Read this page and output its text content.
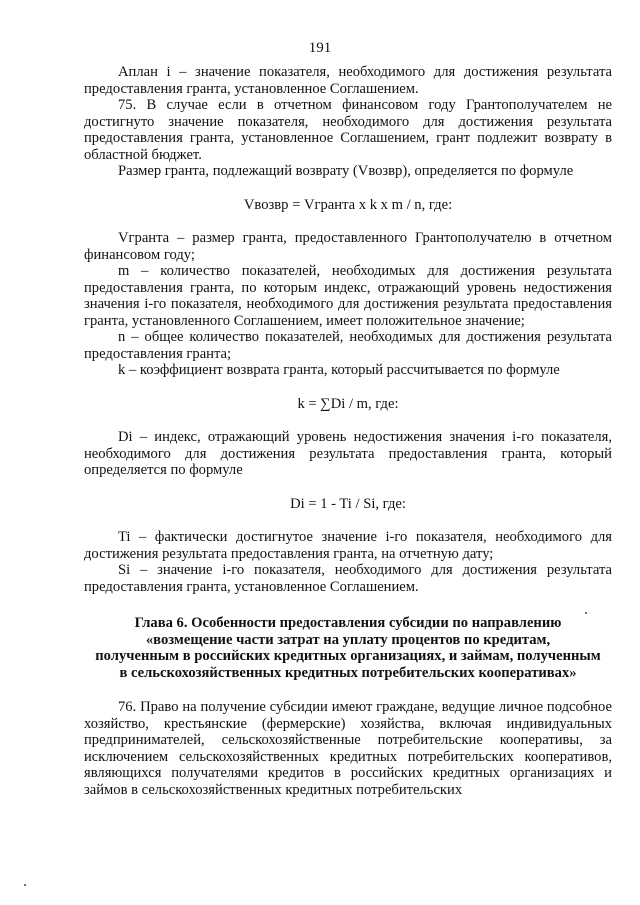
191

Аплан i – значение показателя, необходимого для достижения результата предоставления гранта, установленное Соглашением.

75. В случае если в отчетном финансовом году Грантополучателем не достигнуто значение показателя, необходимого для достижения результата предоставления гранта, установленное Соглашением, грант подлежит возврату в областной бюджет.

Размер гранта, подлежащий возврату (Vвозвр), определяется по формуле

Vвозвр = Vгранта x k x m / n, где:

Vгранта – размер гранта, предоставленного Грантополучателю в отчетном финансовом году;

m – количество показателей, необходимых для достижения результата предоставления гранта, по которым индекс, отражающий уровень недостижения значения i-го показателя, необходимого для достижения результата предоставления гранта, установленного Соглашением, имеет положительное значение;

n – общее количество показателей, необходимых для достижения результата предоставления гранта;

k – коэффициент возврата гранта, который рассчитывается по формуле

k = ∑Di / m, где:

Di – индекс, отражающий уровень недостижения значения i-го показателя, необходимого для достижения результата предоставления гранта, который определяется по формуле

Di = 1 - Ti / Si, где:

Ti – фактически достигнутое значение i-го показателя, необходимого для достижения результата предоставления гранта, на отчетную дату;

Si – значение i-го показателя, необходимого для достижения результата предоставления гранта, установленное Соглашением.

Глава 6. Особенности предоставления субсидии по направлению
«возмещение части затрат на уплату процентов по кредитам,
полученным в российских кредитных организациях, и займам, полученным
в сельскохозяйственных кредитных потребительских кооперативах»

76. Право на получение субсидии имеют граждане, ведущие личное подсобное хозяйство, крестьянские (фермерские) хозяйства, включая индивидуальных предпринимателей, сельскохозяйственные потребительские кооперативы, за исключением сельскохозяйственных кредитных потребительских кооперативов, являющихся получателями кредитов в российских кредитных организациях и займов в сельскохозяйственных кредитных потребительских
